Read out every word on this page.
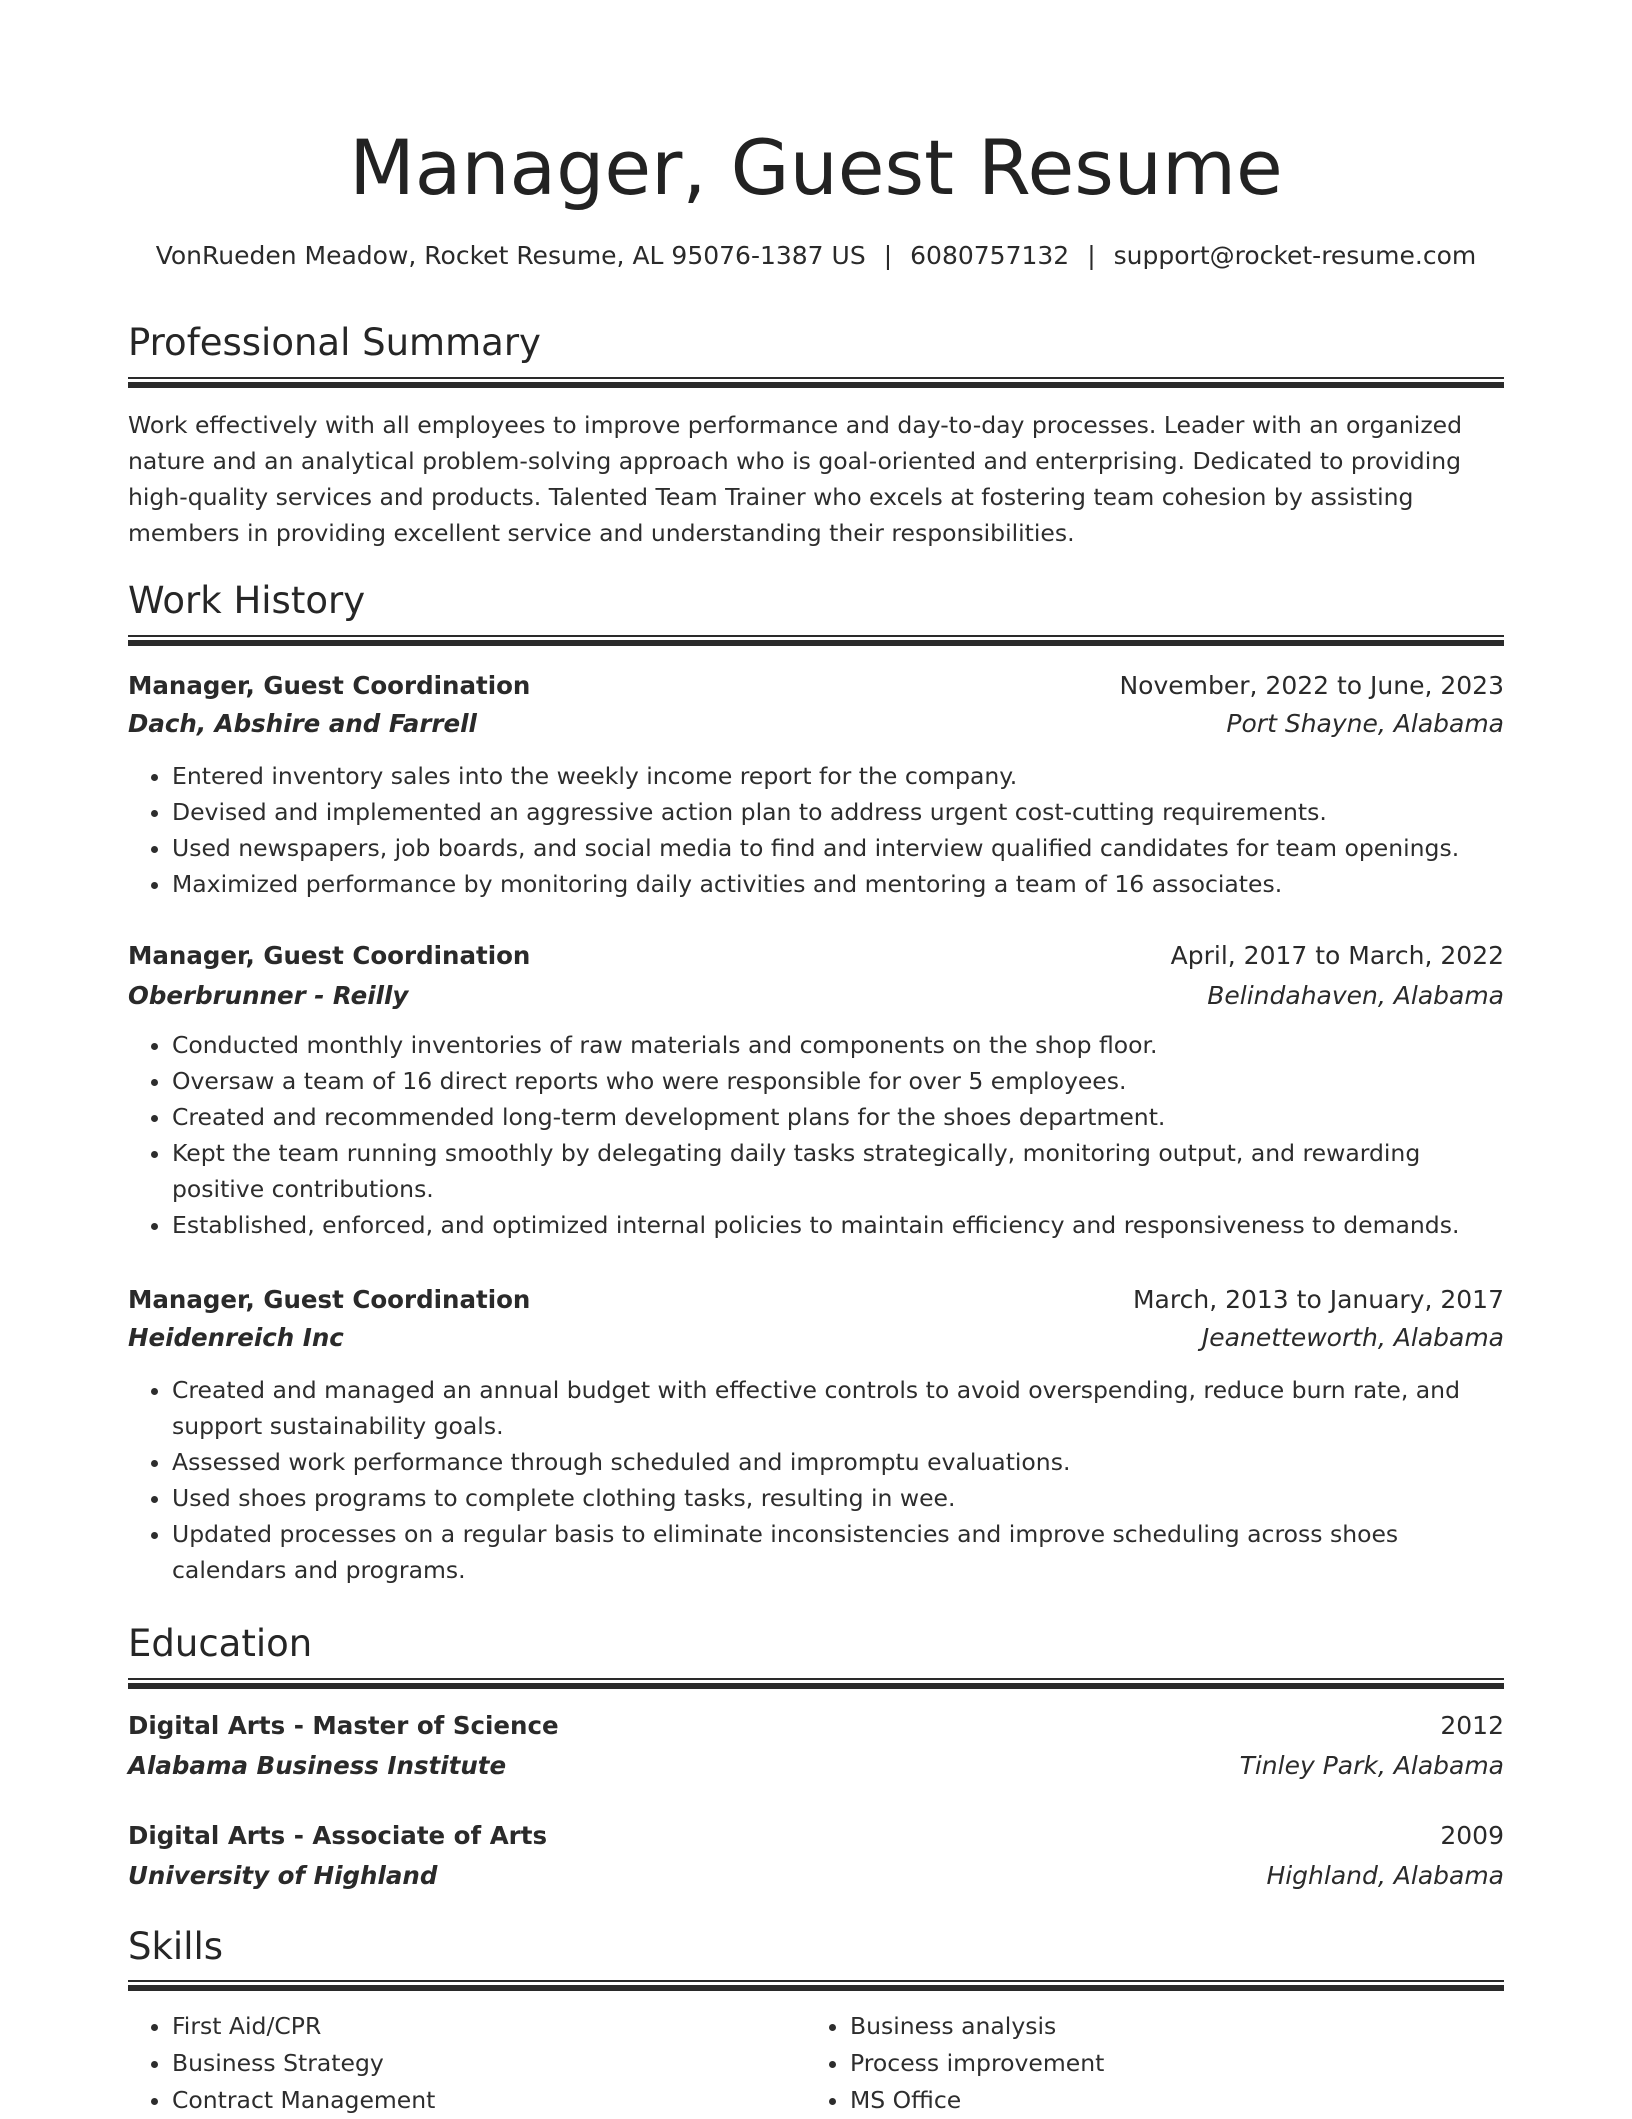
Manager, Guest Resume
VonRueden Meadow, Rocket Resume, AL 95076-1387 US | 6080757132 | support@rocket-resume.com
Professional Summary
Work effectively with all employees to improve performance and day-to-day processes. Leader with an organized nature and an analytical problem-solving approach who is goal-oriented and enterprising. Dedicated to providing high-quality services and products. Talented Team Trainer who excels at fostering team cohesion by assisting members in providing excellent service and understanding their responsibilities.
Work History
Manager, Guest Coordination	November, 2022 to June, 2023
Dach, Abshire and Farrell	Port Shayne, Alabama
• Entered inventory sales into the weekly income report for the company.
• Devised and implemented an aggressive action plan to address urgent cost-cutting requirements.
• Used newspapers, job boards, and social media to find and interview qualified candidates for team openings.
• Maximized performance by monitoring daily activities and mentoring a team of 16 associates.
Manager, Guest Coordination	April, 2017 to March, 2022
Oberbrunner - Reilly	Belindahaven, Alabama
• Conducted monthly inventories of raw materials and components on the shop floor.
• Oversaw a team of 16 direct reports who were responsible for over 5 employees.
• Created and recommended long-term development plans for the shoes department.
• Kept the team running smoothly by delegating daily tasks strategically, monitoring output, and rewarding positive contributions.
• Established, enforced, and optimized internal policies to maintain efficiency and responsiveness to demands.
Manager, Guest Coordination	March, 2013 to January, 2017
Heidenreich Inc	Jeanetteworth, Alabama
• Created and managed an annual budget with effective controls to avoid overspending, reduce burn rate, and support sustainability goals.
• Assessed work performance through scheduled and impromptu evaluations.
• Used shoes programs to complete clothing tasks, resulting in wee.
• Updated processes on a regular basis to eliminate inconsistencies and improve scheduling across shoes calendars and programs.
Education
Digital Arts - Master of Science	2012
Alabama Business Institute	Tinley Park, Alabama
Digital Arts - Associate of Arts	2009
University of Highland	Highland, Alabama
Skills
• First Aid/CPR
• Business Strategy
• Contract Management
• Business analysis
• Process improvement
• MS Office
